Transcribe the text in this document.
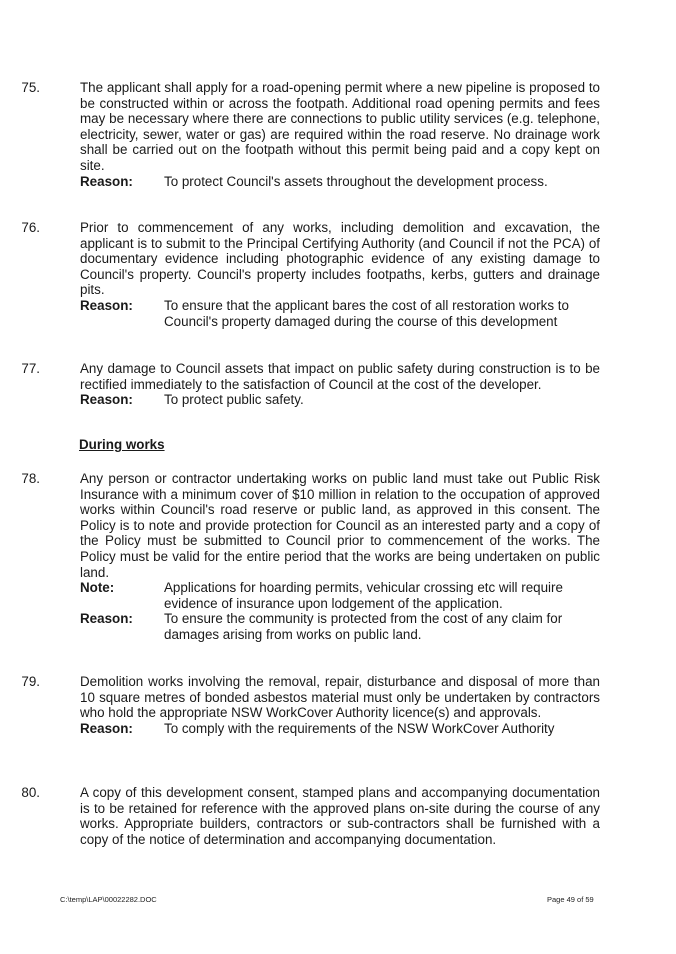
75.	The applicant shall apply for a road-opening permit where a new pipeline is proposed to be constructed within or across the footpath. Additional road opening permits and fees may be necessary where there are connections to public utility services (e.g. telephone, electricity, sewer, water or gas) are required within the road reserve. No drainage work shall be carried out on the footpath without this permit being paid and a copy kept on site.
Reason:	To protect Council's assets throughout the development process.
76.	Prior to commencement of any works, including demolition and excavation, the applicant is to submit to the Principal Certifying Authority (and Council if not the PCA) of documentary evidence including photographic evidence of any existing damage to Council's property. Council's property includes footpaths, kerbs, gutters and drainage pits.
Reason:	To ensure that the applicant bares the cost of all restoration works to Council's property damaged during the course of this development
77.	Any damage to Council assets that impact on public safety during construction is to be rectified immediately to the satisfaction of Council at the cost of the developer.
Reason:	To protect public safety.
During works
78.	Any person or contractor undertaking works on public land must take out Public Risk Insurance with a minimum cover of $10 million in relation to the occupation of approved works within Council's road reserve or public land, as approved in this consent. The Policy is to note and provide protection for Council as an interested party and a copy of the Policy must be submitted to Council prior to commencement of the works. The Policy must be valid for the entire period that the works are being undertaken on public land.
Note:	Applications for hoarding permits, vehicular crossing etc will require evidence of insurance upon lodgement of the application.
Reason:	To ensure the community is protected from the cost of any claim for damages arising from works on public land.
79.	Demolition works involving the removal, repair, disturbance and disposal of more than 10 square metres of bonded asbestos material must only be undertaken by contractors who hold the appropriate NSW WorkCover Authority licence(s) and approvals.
Reason:	To comply with the requirements of the NSW WorkCover Authority
80.	A copy of this development consent, stamped plans and accompanying documentation is to be retained for reference with the approved plans on-site during the course of any works. Appropriate builders, contractors or sub-contractors shall be furnished with a copy of the notice of determination and accompanying documentation.
C:\temp\LAP\00022282.DOC	Page 49 of 59
